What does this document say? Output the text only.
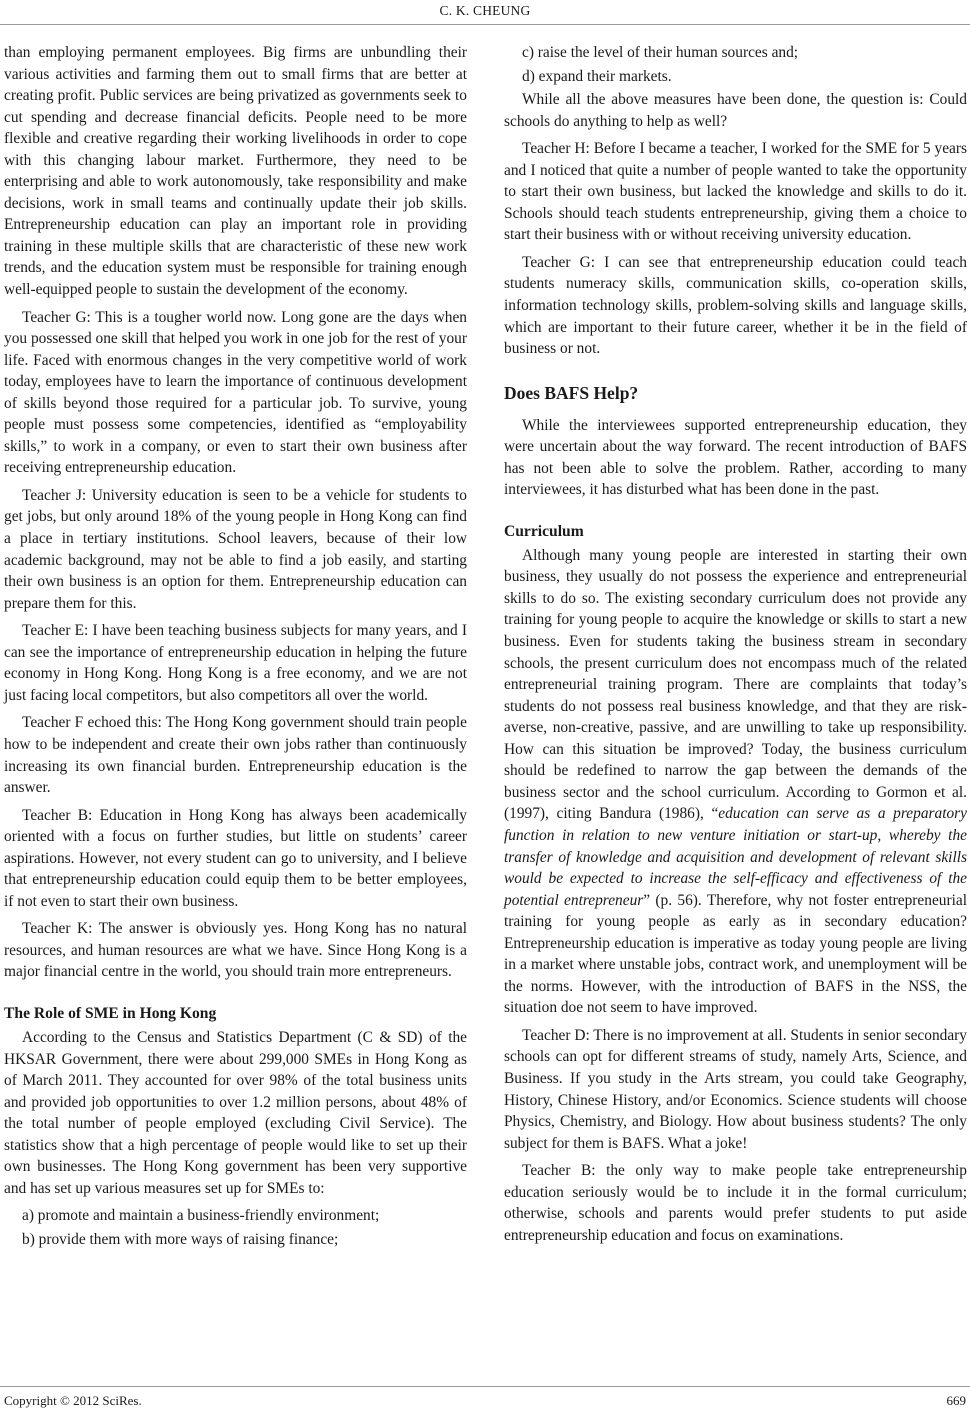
C. K. CHEUNG

than employing permanent employees. Big firms are unbundling their various activities and farming them out to small firms that are better at creating profit. Public services are being privatized as governments seek to cut spending and decrease financial deficits. People need to be more flexible and creative regarding their working livelihoods in order to cope with this changing labour market. Furthermore, they need to be enterprising and able to work autonomously, take responsibility and make decisions, work in small teams and continually update their job skills. Entrepreneurship education can play an important role in providing training in these multiple skills that are characteristic of these new work trends, and the education system must be responsible for training enough well-equipped people to sustain the development of the economy.

Teacher G: This is a tougher world now. Long gone are the days when you possessed one skill that helped you work in one job for the rest of your life. Faced with enormous changes in the very competitive world of work today, employees have to learn the importance of continuous development of skills beyond those required for a particular job. To survive, young people must possess some competencies, identified as “employability skills,” to work in a company, or even to start their own business after receiving entrepreneurship education.

Teacher J: University education is seen to be a vehicle for students to get jobs, but only around 18% of the young people in Hong Kong can find a place in tertiary institutions. School leavers, because of their low academic background, may not be able to find a job easily, and starting their own business is an option for them. Entrepreneurship education can prepare them for this.

Teacher E: I have been teaching business subjects for many years, and I can see the importance of entrepreneurship education in helping the future economy in Hong Kong. Hong Kong is a free economy, and we are not just facing local competitors, but also competitors all over the world.

Teacher F echoed this: The Hong Kong government should train people how to be independent and create their own jobs rather than continuously increasing its own financial burden. Entrepreneurship education is the answer.

Teacher B: Education in Hong Kong has always been academically oriented with a focus on further studies, but little on students’ career aspirations. However, not every student can go to university, and I believe that entrepreneurship education could equip them to be better employees, if not even to start their own business.

Teacher K: The answer is obviously yes. Hong Kong has no natural resources, and human resources are what we have. Since Hong Kong is a major financial centre in the world, you should train more entrepreneurs.

The Role of SME in Hong Kong

According to the Census and Statistics Department (C & SD) of the HKSAR Government, there were about 299,000 SMEs in Hong Kong as of March 2011. They accounted for over 98% of the total business units and provided job opportunities to over 1.2 million persons, about 48% of the total number of people employed (excluding Civil Service). The statistics show that a high percentage of people would like to set up their own businesses. The Hong Kong government has been very supportive and has set up various measures set up for SMEs to:

a) promote and maintain a business-friendly environment;

b) provide them with more ways of raising finance;

c) raise the level of their human sources and;

d) expand their markets.

While all the above measures have been done, the question is: Could schools do anything to help as well?

Teacher H: Before I became a teacher, I worked for the SME for 5 years and I noticed that quite a number of people wanted to take the opportunity to start their own business, but lacked the knowledge and skills to do it. Schools should teach students entrepreneurship, giving them a choice to start their business with or without receiving university education.

Teacher G: I can see that entrepreneurship education could teach students numeracy skills, communication skills, co-operation skills, information technology skills, problem-solving skills and language skills, which are important to their future career, whether it be in the field of business or not.

Does BAFS Help?

While the interviewees supported entrepreneurship education, they were uncertain about the way forward. The recent introduction of BAFS has not been able to solve the problem. Rather, according to many interviewees, it has disturbed what has been done in the past.

Curriculum

Although many young people are interested in starting their own business, they usually do not possess the experience and entrepreneurial skills to do so. The existing secondary curriculum does not provide any training for young people to acquire the knowledge or skills to start a new business. Even for students taking the business stream in secondary schools, the present curriculum does not encompass much of the related entrepreneurial training program. There are complaints that today’s students do not possess real business knowledge, and that they are risk-averse, non-creative, passive, and are unwilling to take up responsibility. How can this situation be improved? Today, the business curriculum should be redefined to narrow the gap between the demands of the business sector and the school curriculum. According to Gormon et al. (1997), citing Bandura (1986), “education can serve as a preparatory function in relation to new venture initiation or start-up, whereby the transfer of knowledge and acquisition and development of relevant skills would be expected to increase the self-efficacy and effectiveness of the potential entrepreneur” (p. 56). Therefore, why not foster entrepreneurial training for young people as early as in secondary education? Entrepreneurship education is imperative as today young people are living in a market where unstable jobs, contract work, and unemployment will be the norms. However, with the introduction of BAFS in the NSS, the situation doe not seem to have improved.

Teacher D: There is no improvement at all. Students in senior secondary schools can opt for different streams of study, namely Arts, Science, and Business. If you study in the Arts stream, you could take Geography, History, Chinese History, and/or Economics. Science students will choose Physics, Chemistry, and Biology. How about business students? The only subject for them is BAFS. What a joke!

Teacher B: the only way to make people take entrepreneurship education seriously would be to include it in the formal curriculum; otherwise, schools and parents would prefer students to put aside entrepreneurship education and focus on examinations.

Copyright © 2012 SciRes.	669
